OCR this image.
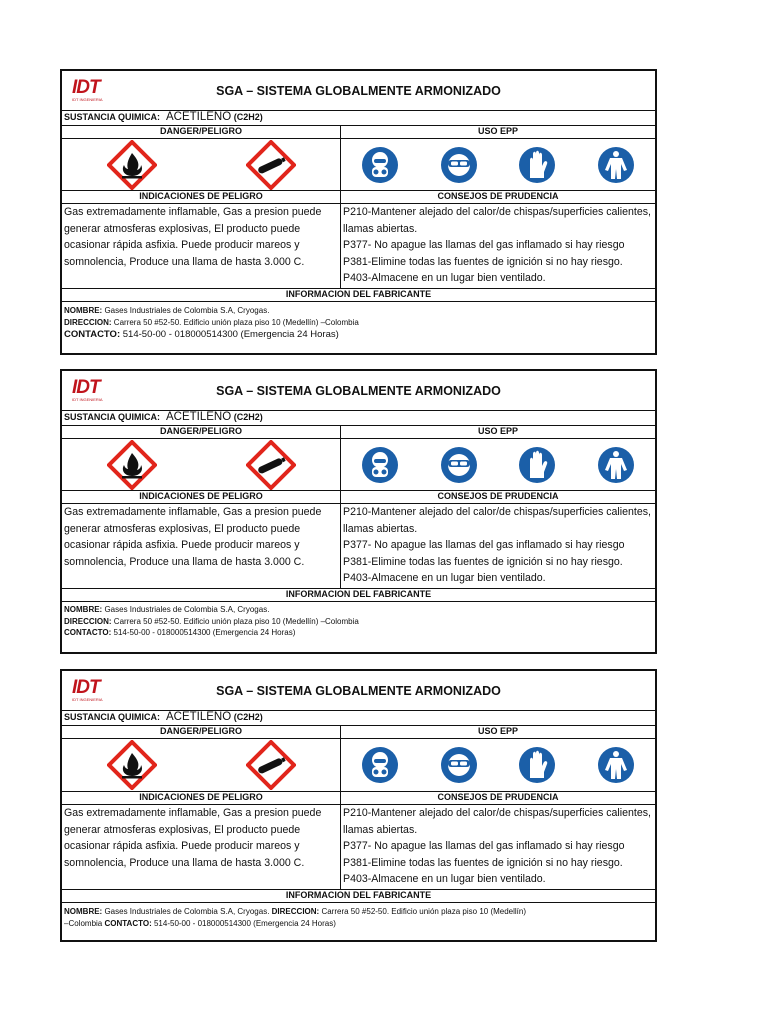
IDT
IDT INGENIERIA
SGA – SISTEMA GLOBALMENTE ARMONIZADO
SUSTANCIA QUIMICA: ACETILENO (C2H2)
DANGER/PELIGRO	USO EPP
INDICACIONES DE PELIGRO	CONSEJOS DE PRUDENCIA
Gas extremadamente inflamable, Gas a presion puede generar atmosferas explosivas, El producto puede ocasionar rápida asfixia. Puede producir mareos y somnolencia, Produce una llama de hasta 3.000 C.

P210-Mantener alejado del calor/de chispas/superficies calientes, llamas abiertas.

P377- No apague las llamas del gas inflamado si hay riesgo

P381-Elimine todas las fuentes de ignición si no hay riesgo.

P403-Almacene en un lugar bien ventilado.

INFORMACION DEL FABRICANTE
NOMBRE: Gases Industriales de Colombia S.A, Cryogas.
DIRECCION: Carrera 50 #52-50. Edificio unión plaza piso 10 (Medellín) –Colombia
CONTACTO: 514-50-00 - 018000514300 (Emergencia 24 Horas)
IDT
IDT INGENIERIA
SGA – SISTEMA GLOBALMENTE ARMONIZADO
SUSTANCIA QUIMICA: ACETILENO (C2H2)
DANGER/PELIGRO	USO EPP
INDICACIONES DE PELIGRO	CONSEJOS DE PRUDENCIA
Gas extremadamente inflamable, Gas a presion puede generar atmosferas explosivas, El producto puede ocasionar rápida asfixia. Puede producir mareos y somnolencia, Produce una llama de hasta 3.000 C.

P210-Mantener alejado del calor/de chispas/superficies calientes, llamas abiertas.

P377- No apague las llamas del gas inflamado si hay riesgo

P381-Elimine todas las fuentes de ignición si no hay riesgo.

P403-Almacene en un lugar bien ventilado.

INFORMACION DEL FABRICANTE
NOMBRE: Gases Industriales de Colombia S.A, Cryogas.
DIRECCION: Carrera 50 #52-50. Edificio unión plaza piso 10 (Medellín) –Colombia
CONTACTO: 514-50-00 - 018000514300 (Emergencia 24 Horas)
IDT
IDT INGENIERIA
SGA – SISTEMA GLOBALMENTE ARMONIZADO
SUSTANCIA QUIMICA: ACETILENO (C2H2)
DANGER/PELIGRO	USO EPP
INDICACIONES DE PELIGRO	CONSEJOS DE PRUDENCIA
Gas extremadamente inflamable, Gas a presion puede generar atmosferas explosivas, El producto puede ocasionar rápida asfixia. Puede producir mareos y somnolencia, Produce una llama de hasta 3.000 C.

P210-Mantener alejado del calor/de chispas/superficies calientes, llamas abiertas.

P377- No apague las llamas del gas inflamado si hay riesgo

P381-Elimine todas las fuentes de ignición si no hay riesgo.

P403-Almacene en un lugar bien ventilado.

INFORMACION DEL FABRICANTE
NOMBRE: Gases Industriales de Colombia S.A, Cryogas. DIRECCION: Carrera 50 #52-50. Edificio unión plaza piso 10 (Medellín)
–Colombia CONTACTO: 514-50-00 - 018000514300 (Emergencia 24 Horas)
